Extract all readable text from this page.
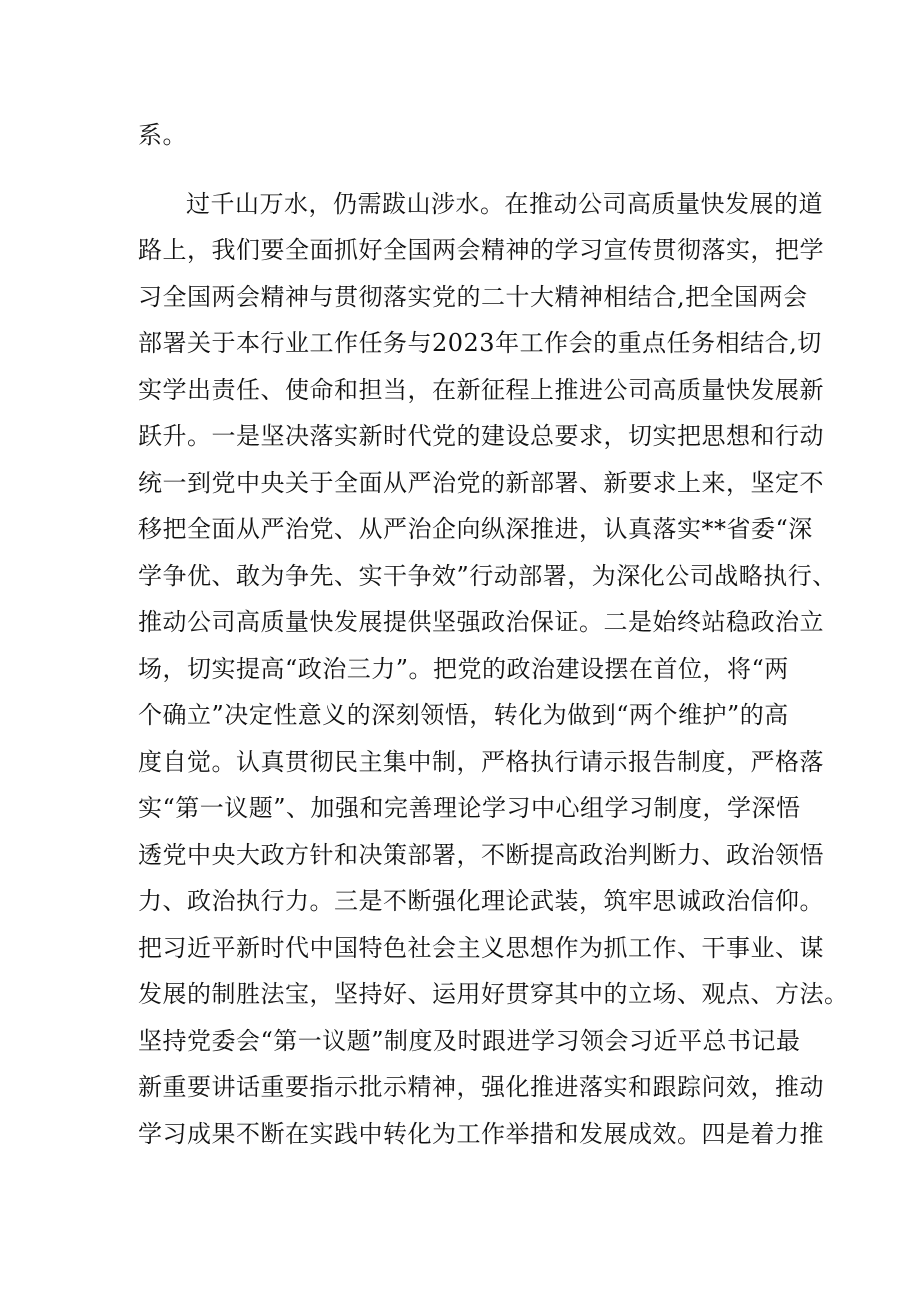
系。
过千山万水，仍需跋山涉水。在推动公司高质量快发展的道
路上，我们要全面抓好全国两会精神的学习宣传贯彻落实，把学
习全国两会精神与贯彻落实党的二十大精神相结合,把全国两会
部署关于本行业工作任务与2023年工作会的重点任务相结合,切
实学出责任、使命和担当，在新征程上推进公司高质量快发展新
跃升。一是坚决落实新时代党的建设总要求，切实把思想和行动
统一到党中央关于全面从严治党的新部署、新要求上来，坚定不
移把全面从严治党、从严治企向纵深推进，认真落实**省委“深
学争优、敢为争先、实干争效”行动部署，为深化公司战略执行、
推动公司高质量快发展提供坚强政治保证。二是始终站稳政治立
场，切实提高“政治三力”。把党的政治建设摆在首位，将“两
个确立”决定性意义的深刻领悟，转化为做到“两个维护”的高
度自觉。认真贯彻民主集中制，严格执行请示报告制度，严格落
实“第一议题”、加强和完善理论学习中心组学习制度，学深悟
透党中央大政方针和决策部署，不断提高政治判断力、政治领悟
力、政治执行力。三是不断强化理论武装，筑牢思诚政治信仰。
把习近平新时代中国特色社会主义思想作为抓工作、干事业、谋
发展的制胜法宝，坚持好、运用好贯穿其中的立场、观点、方法。
坚持党委会“第一议题”制度及时跟进学习领会习近平总书记最
新重要讲话重要指示批示精神，强化推进落实和跟踪问效，推动
学习成果不断在实践中转化为工作举措和发展成效。四是着力推
